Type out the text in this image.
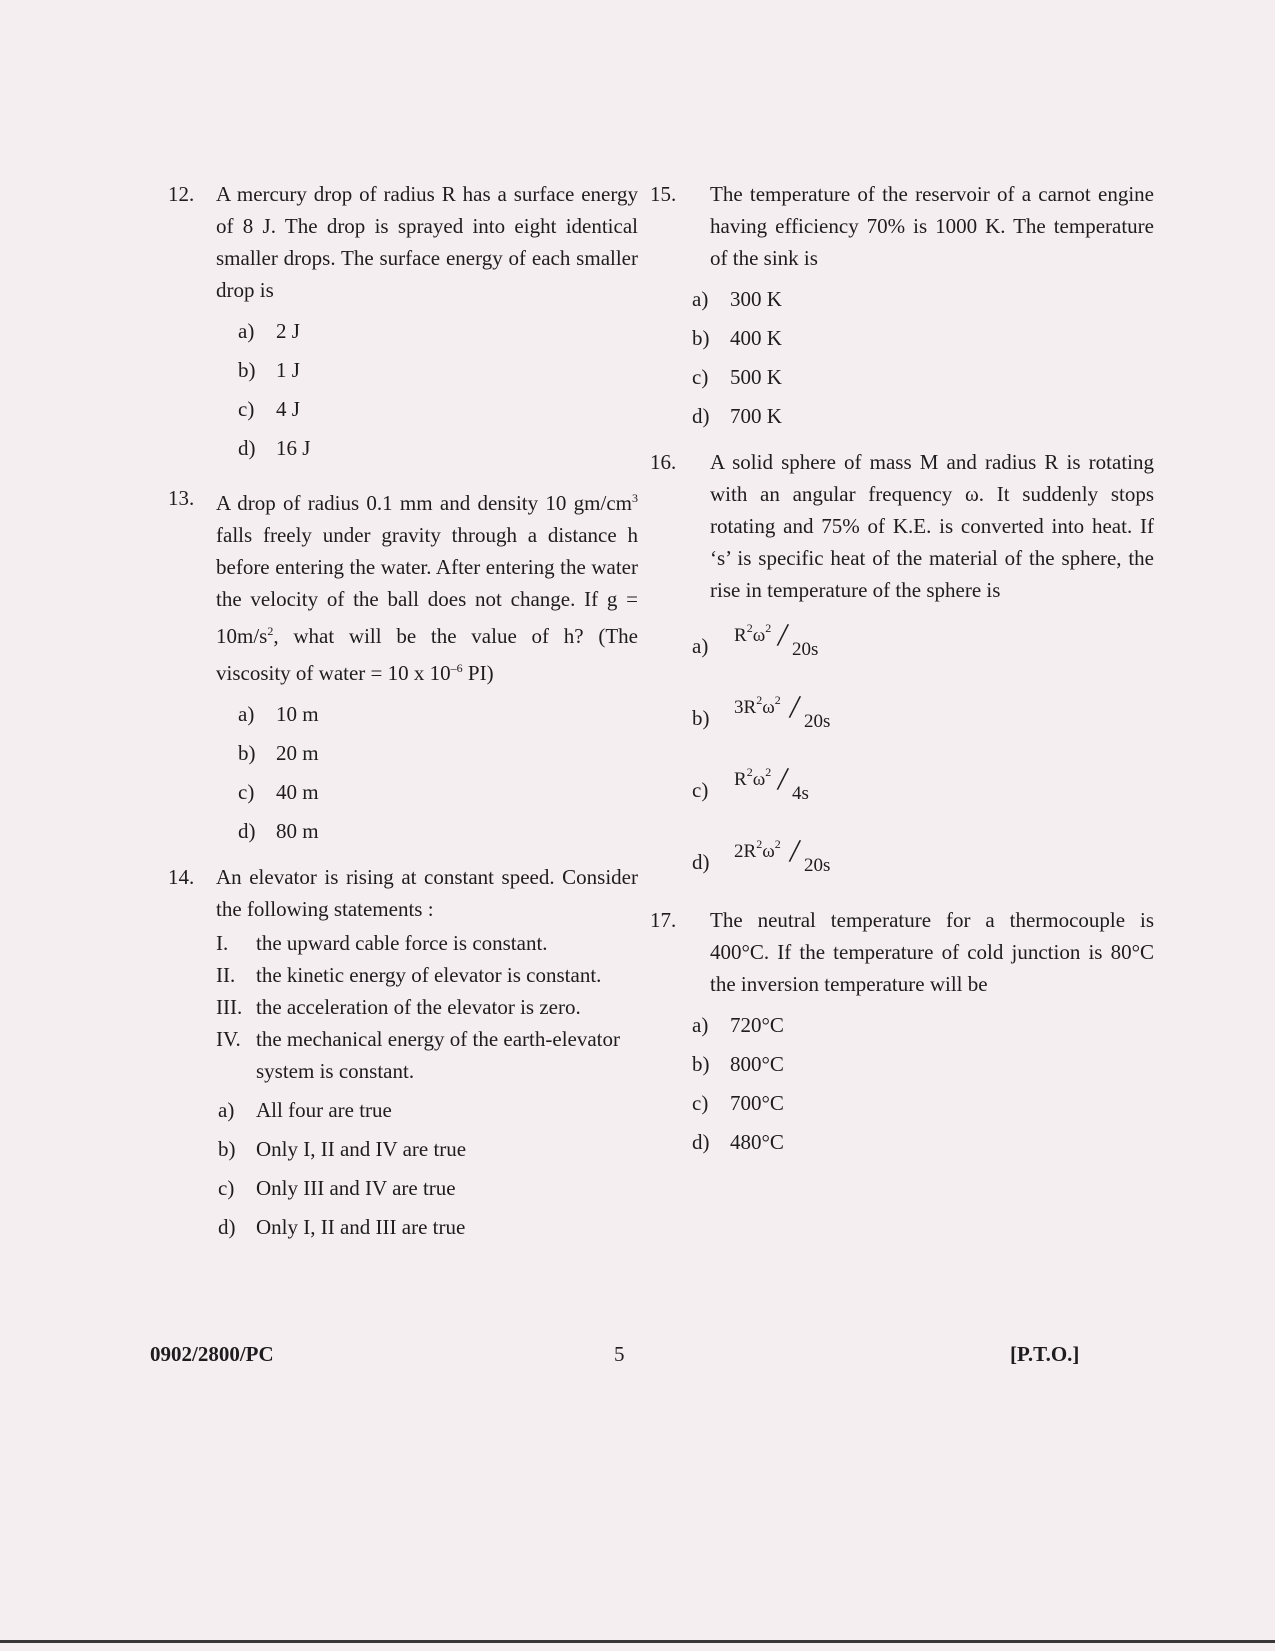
12. A mercury drop of radius R has a surface energy of 8 J. The drop is sprayed into eight identical smaller drops. The surface energy of each smaller drop is
a) 2 J
b) 1 J
c) 4 J
d) 16 J
13. A drop of radius 0.1 mm and density 10 $gm/cm^3$ falls freely under gravity through a distance h before entering the water. After entering the water the velocity of the ball does not change. If $g = 10m/s^2$, what will be the value of h? (The viscosity of water = 10 x $10^{-6}$ PI)
a) 10 m
b) 20 m
c) 40 m
d) 80 m
14. An elevator is rising at constant speed. Consider the following statements :
I. the upward cable force is constant.
II. the kinetic energy of elevator is constant.
III. the acceleration of the elevator is zero.
IV. the mechanical energy of the earth-elevator system is constant.
a) All four are true
b) Only I, II and IV are true
c) Only III and IV are true
d) Only I, II and III are true
15. The temperature of the reservoir of a carnot engine having efficiency 70% is 1000 K. The temperature of the sink is
a) 300 K
b) 400 K
c) 500 K
d) 700 K
16. A solid sphere of mass M and radius R is rotating with an angular frequency ω. It suddenly stops rotating and 75% of K.E. is converted into heat. If ‘s’ is specific heat of the material of the sphere, the rise in temperature of the sphere is
a) $R^2\omega^2 / 20s$
b) $3R^2\omega^2 / 20s$
c) $R^2\omega^2 / 4s$
d) $2R^2\omega^2 / 20s$
17. The neutral temperature for a thermocouple is 400°C. If the temperature of cold junction is 80°C the inversion temperature will be
a) 720°C
b) 800°C
c) 700°C
d) 480°C
0902/2800/PC	5	[P.T.O.]
